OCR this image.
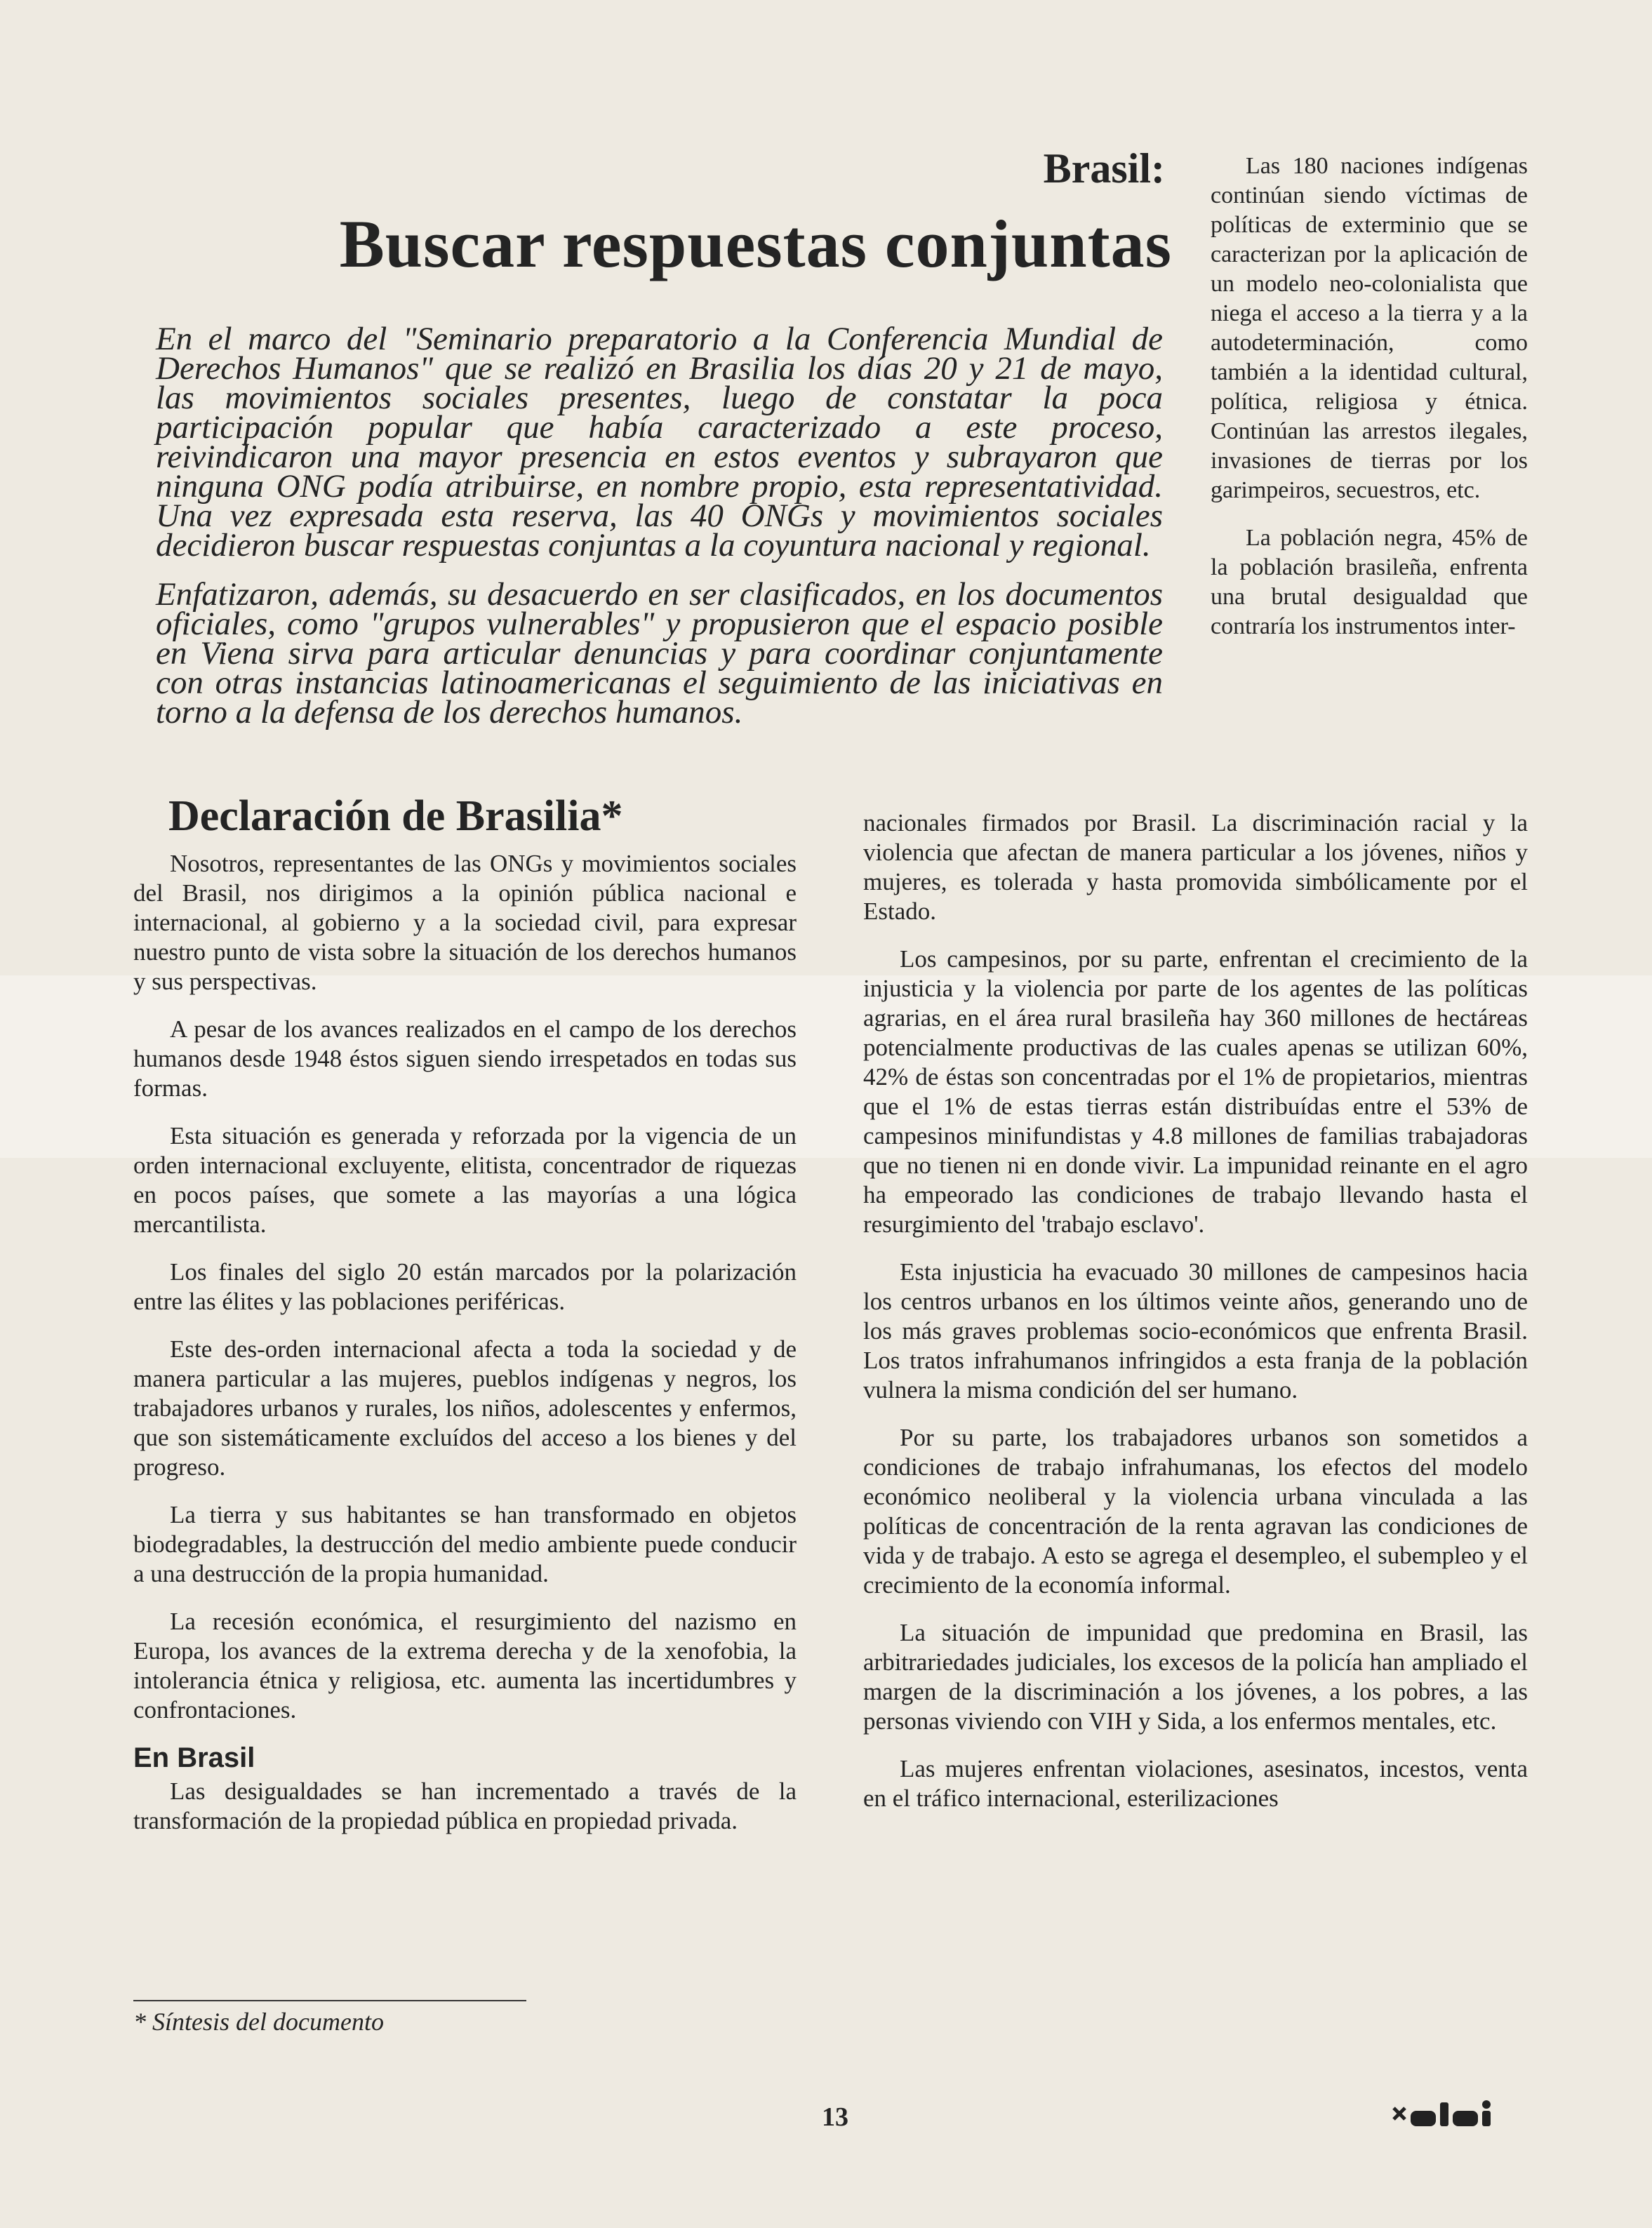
Brasil:
Buscar respuestas conjuntas

En el marco del "Seminario preparatorio a la Conferencia Mundial de Derechos Humanos" que se realizó en Brasilia los días 20 y 21 de mayo, las movimientos sociales presentes, luego de constatar la poca participación popular que había caracterizado a este proceso, reivindicaron una mayor presencia en estos eventos y subrayaron que ninguna ONG podía atribuirse, en nombre propio, esta representatividad. Una vez expresada esta reserva, las 40 ONGs y movimientos sociales decidieron buscar respuestas conjuntas a la coyuntura nacional y regional.

Enfatizaron, además, su desacuerdo en ser clasificados, en los documentos oficiales, como "grupos vulnerables" y propusieron que el espacio posible en Viena sirva para articular denuncias y para coordinar conjuntamente con otras instancias latinoamericanas el seguimiento de las iniciativas en torno a la defensa de los derechos humanos.

Declaración de Brasilia*

Nosotros, representantes de las ONGs y movimientos sociales del Brasil, nos dirigimos a la opinión pública nacional e internacional, al gobierno y a la sociedad civil, para expresar nuestro punto de vista sobre la situación de los derechos humanos y sus perspectivas.

A pesar de los avances realizados en el campo de los derechos humanos desde 1948 éstos siguen siendo irrespetados en todas sus formas.

Esta situación es generada y reforzada por la vigencia de un orden internacional excluyente, elitista, concentrador de riquezas en pocos países, que somete a las mayorías a una lógica mercantilista.

Los finales del siglo 20 están marcados por la polarización entre las élites y las poblaciones periféricas.

Este des-orden internacional afecta a toda la sociedad y de manera particular a las mujeres, pueblos indígenas y negros, los trabajadores urbanos y rurales, los niños, adolescentes y enfermos, que son sistemáticamente excluídos del acceso a los bienes y del progreso.

La tierra y sus habitantes se han transformado en objetos biodegradables, la destrucción del medio ambiente puede conducir a una destrucción de la propia humanidad.

La recesión económica, el resurgimiento del nazismo en Europa, los avances de la extrema derecha y de la xenofobia, la intolerancia étnica y religiosa, etc. aumenta las incertidumbres y confrontaciones.

En Brasil

Las desigualdades se han incrementado a través de la transformación de la propiedad pública en propiedad privada.

* Síntesis del documento

Las 180 naciones indígenas continúan siendo víctimas de políticas de exterminio que se caracterizan por la aplicación de un modelo neo-colonialista que niega el acceso a la tierra y a la autodeterminación, como también a la identidad cultural, política, religiosa y étnica. Continúan las arrestos ilegales, invasiones de tierras por los garimpeiros, secuestros, etc.

La población negra, 45% de la población brasileña, enfrenta una brutal desigualdad que contraría los instrumentos inter-

nacionales firmados por Brasil. La discriminación racial y la violencia que afectan de manera particular a los jóvenes, niños y mujeres, es tolerada y hasta promovida simbólicamente por el Estado.

Los campesinos, por su parte, enfrentan el crecimiento de la injusticia y la violencia por parte de los agentes de las políticas agrarias, en el área rural brasileña hay 360 millones de hectáreas potencialmente productivas de las cuales apenas se utilizan 60%, 42% de éstas son concentradas por el 1% de propietarios, mientras que el 1% de estas tierras están distribuídas entre el 53% de campesinos minifundistas y 4.8 millones de familias trabajadoras que no tienen ni en donde vivir. La impunidad reinante en el agro ha empeorado las condiciones de trabajo llevando hasta el resurgimiento del 'trabajo esclavo'.

Esta injusticia ha evacuado 30 millones de campesinos hacia los centros urbanos en los últimos veinte años, generando uno de los más graves problemas socio-económicos que enfrenta Brasil. Los tratos infrahumanos infringidos a esta franja de la población vulnera la misma condición del ser humano.

Por su parte, los trabajadores urbanos son sometidos a condiciones de trabajo infrahumanas, los efectos del modelo económico neoliberal y la violencia urbana vinculada a las políticas de concentración de la renta agravan las condiciones de vida y de trabajo. A esto se agrega el desempleo, el subempleo y el crecimiento de la economía informal.

La situación de impunidad que predomina en Brasil, las arbitrariedades judiciales, los excesos de la policía han ampliado el margen de la discriminación a los jóvenes, a los pobres, a las personas viviendo con VIH y Sida, a los enfermos mentales, etc.

Las mujeres enfrentan violaciones, asesinatos, incestos, venta en el tráfico internacional, esterilizaciones

13
